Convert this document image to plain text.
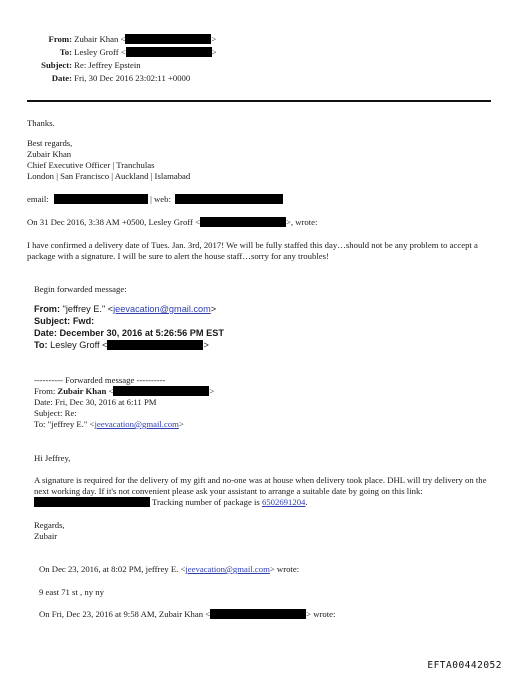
From: Zubair Khan <	>
To: Lesley Groff <	>
Subject: Re: Jeffrey Epstein
Date: Fri, 30 Dec 2016 23:02:11 +0000
Thanks.
Best regards,
Zubair Khan
Chief Executive Officer | Tranchulas
London | San Francisco | Auckland | Islamabad
email:	| web:
On 31 Dec 2016, 3:38 AM +0500, Lesley Groff <	>, wrote:

I have confirmed a delivery date of Tues. Jan. 3rd, 2017! We will be fully staffed this day…should not be any problem to accept a package with a signature. I will be sure to alert the house staff…sorry for any troubles!

Begin forwarded message:
From: "jeffrey E." <jeevacation@gmail.com>
Subject: Fwd:
Date: December 30, 2016 at 5:26:56 PM EST
To: Lesley Groff <	>
---------- Forwarded message ----------
From: Zubair Khan <	>
Date: Fri, Dec 30, 2016 at 6:11 PM
Subject: Re:
To: "jeffrey E." <jeevacation@gmail.com>
Hi Jeffrey,

A signature is required for the delivery of my gift and no-one was at house when delivery took place. DHL will try delivery on the next working day. If it's not convenient please ask your assistant to arrange a suitable date by going on this link:  Tracking number of package is 6502691204.

Regards,
Zubair
On Dec 23, 2016, at 8:02 PM, jeffrey E. <jeevacation@gmail.com> wrote:
9 east 71 st , ny ny
On Fri, Dec 23, 2016 at 9:58 AM, Zubair Khan <	> wrote:
EFTA00442052
